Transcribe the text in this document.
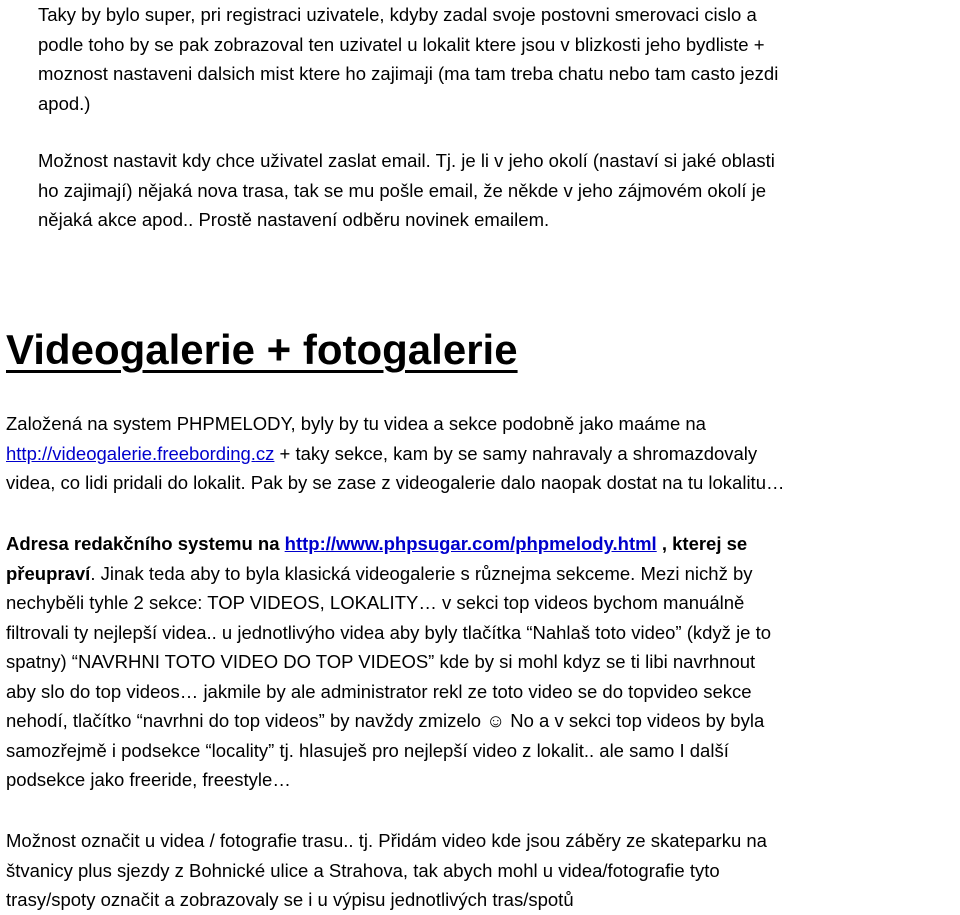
Taky by bylo super, pri registraci uzivatele, kdyby zadal svoje postovni smerovaci cislo a
podle toho by se pak zobrazoval ten uzivatel u lokalit ktere jsou v blizkosti jeho bydliste +
moznost nastaveni dalsich mist ktere ho zajimaji (ma tam treba chatu nebo tam casto jezdi
apod.)
Možnost nastavit kdy chce uživatel zaslat email. Tj. je li v jeho okolí (nastaví si jaké oblasti
ho zajimají) nějaká nova trasa, tak se mu pošle email, že někde v jeho zájmovém okolí je
nějaká akce apod.. Prostě nastavení odběru novinek emailem.
Videogalerie + fotogalerie
Založená na system PHPMELODY, byly by tu videa a sekce podobně jako maáme na
http://videogalerie.freebording.cz + taky sekce, kam by se samy nahravaly a shromazdovaly
videa, co lidi pridali do lokalit. Pak by se zase z videogalerie dalo naopak dostat na tu lokalitu…
Adresa redakčního systemu na http://www.phpsugar.com/phpmelody.html , kterej se
přeupraví. Jinak teda aby to byla klasická videogalerie s různejma sekceme. Mezi nichž by
nechyběli tyhle 2 sekce: TOP VIDEOS, LOKALITY… v sekci top videos bychom manuálně
filtrovali ty nejlepší videa.. u jednotlivýho videa aby byly tlačítka “Nahlaš toto video” (když je to
spatny) “NAVRHNI TOTO VIDEO DO TOP VIDEOS” kde by si mohl kdyz se ti libi navrhnout
aby slo do top videos… jakmile by ale administrator rekl ze toto video se do topvideo sekce
nehodí, tlačítko “navrhni do top videos” by navždy zmizelo ☺ No a v sekci top videos by byla
samozřejmě i podsekce “locality” tj. hlasuješ pro nejlepší video z lokalit.. ale samo I další
podsekce jako freeride, freestyle…
Možnost označit u videa / fotografie trasu.. tj. Přidám video kde jsou záběry ze skateparku na
štvanicy plus sjezdy z Bohnické ulice a Strahova, tak abych mohl u videa/fotografie tyto
trasy/spoty označit a zobrazovaly se i u výpisu jednotlivých tras/spotů
